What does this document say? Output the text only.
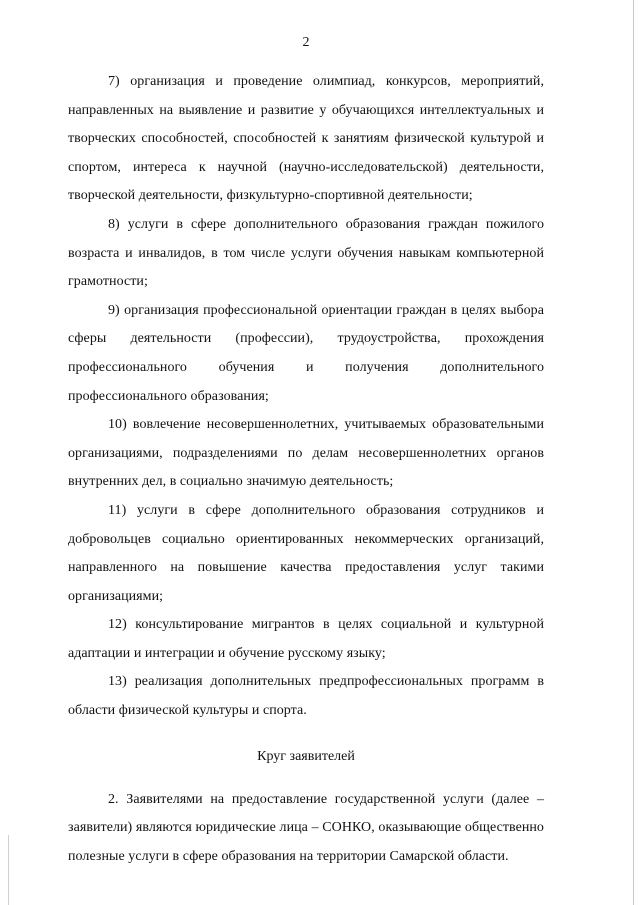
2

7) организация и проведение олимпиад, конкурсов, мероприятий, направленных на выявление и развитие у обучающихся интеллектуальных и творческих способностей, способностей к занятиям физической культурой и спортом, интереса к научной (научно-исследовательской) деятельности, творческой деятельности, физкультурно-спортивной деятельности;

8) услуги в сфере дополнительного образования граждан пожилого возраста и инвалидов, в том числе услуги обучения навыкам компьютерной грамотности;

9) организация профессиональной ориентации граждан в целях выбора сферы деятельности (профессии), трудоустройства, прохождения профессионального обучения и получения дополнительного профессионального образования;

10) вовлечение несовершеннолетних, учитываемых образовательными организациями, подразделениями по делам несовершеннолетних органов внутренних дел, в социально значимую деятельность;

11) услуги в сфере дополнительного образования сотрудников и добровольцев социально ориентированных некоммерческих организаций, направленного на повышение качества предоставления услуг такими организациями;

12) консультирование мигрантов в целях социальной и культурной адаптации и интеграции и обучение русскому языку;

13) реализация дополнительных предпрофессиональных программ в области физической культуры и спорта.

Круг заявителей

2. Заявителями на предоставление государственной услуги (далее – заявители) являются юридические лица – СОНКО, оказывающие общественно полезные услуги в сфере образования на территории Самарской области.
